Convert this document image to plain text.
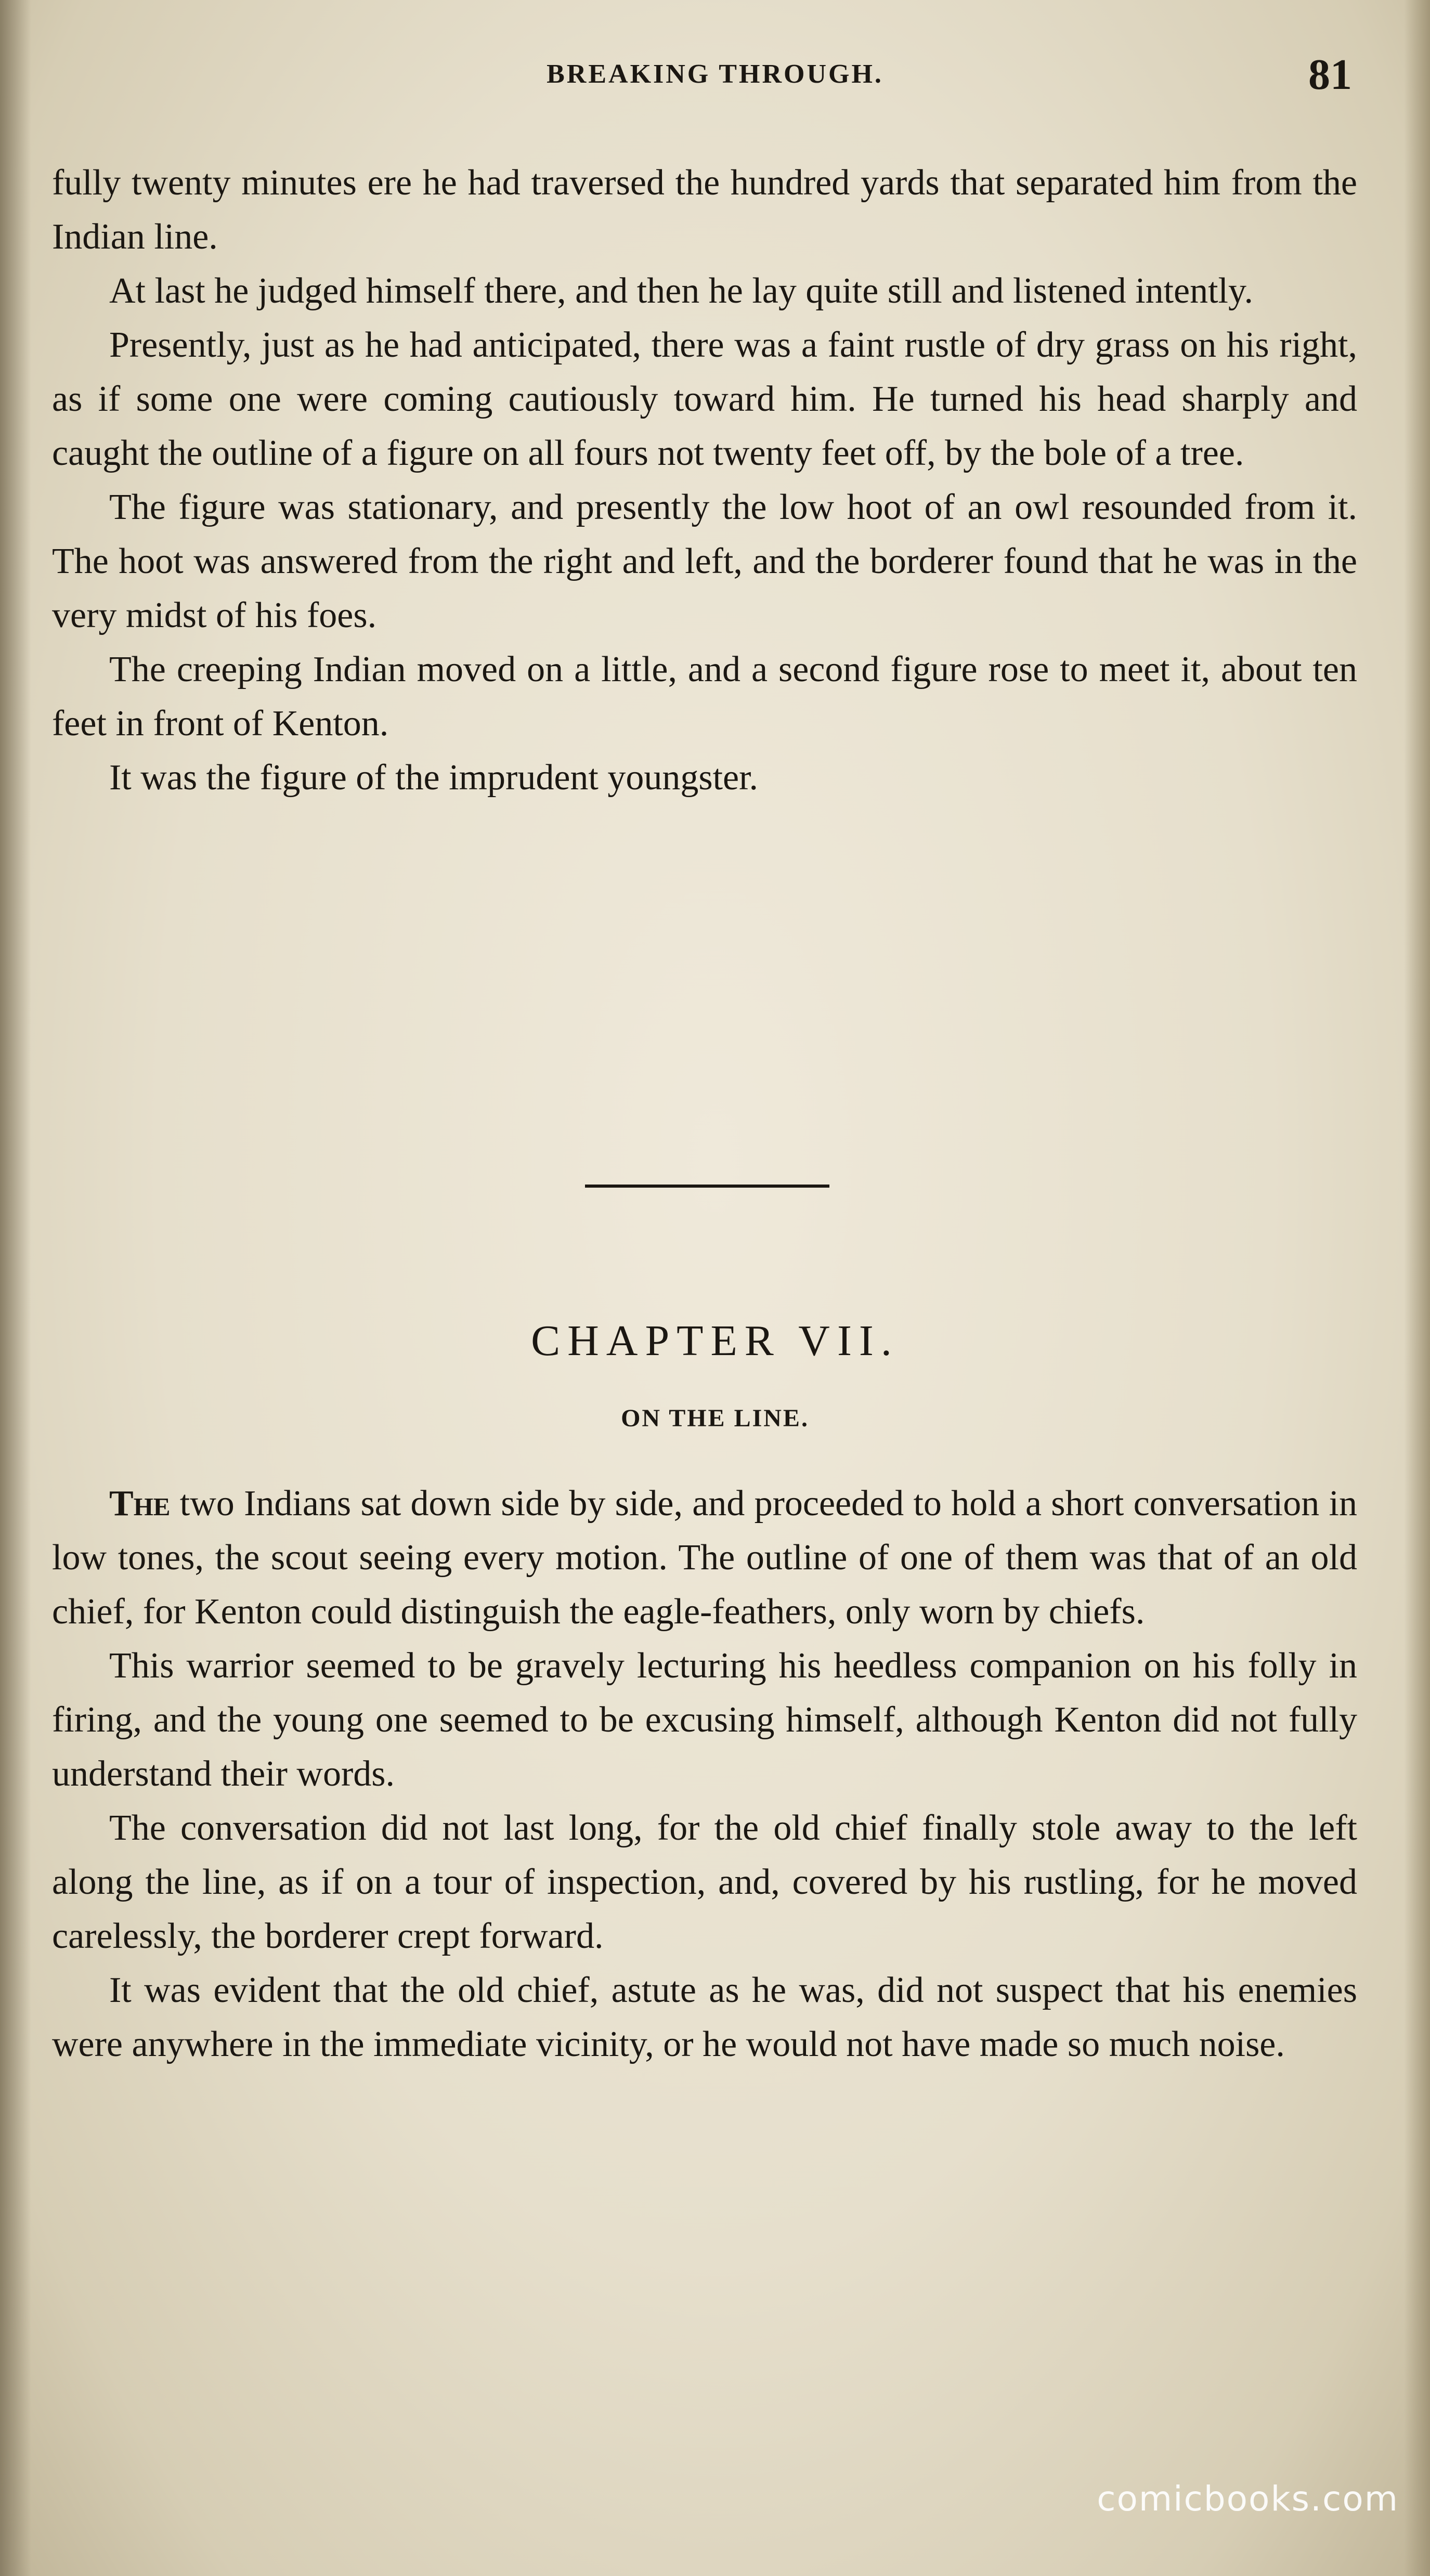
BREAKING THROUGH.	81

fully twenty minutes ere he had traversed the hundred yards that separated him from the Indian line.

At last he judged himself there, and then he lay quite still and listened intently.

Presently, just as he had anticipated, there was a faint rustle of dry grass on his right, as if some one were coming cautiously toward him. He turned his head sharply and caught the outline of a figure on all fours not twenty feet off, by the bole of a tree.

The figure was stationary, and presently the low hoot of an owl resounded from it. The hoot was answered from the right and left, and the borderer found that he was in the very midst of his foes.

The creeping Indian moved on a little, and a second figure rose to meet it, about ten feet in front of Kenton.

It was the figure of the imprudent youngster.

CHAPTER VII.
ON THE LINE.

The two Indians sat down side by side, and proceeded to hold a short conversation in low tones, the scout seeing every motion. The outline of one of them was that of an old chief, for Kenton could distinguish the eagle-feathers, only worn by chiefs.

This warrior seemed to be gravely lecturing his heedless companion on his folly in firing, and the young one seemed to be excusing himself, although Kenton did not fully understand their words.

The conversation did not last long, for the old chief finally stole away to the left along the line, as if on a tour of inspection, and, covered by his rustling, for he moved carelessly, the borderer crept forward.

It was evident that the old chief, astute as he was, did not suspect that his enemies were anywhere in the immediate vicinity, or he would not have made so much noise.

comicbooks.com
